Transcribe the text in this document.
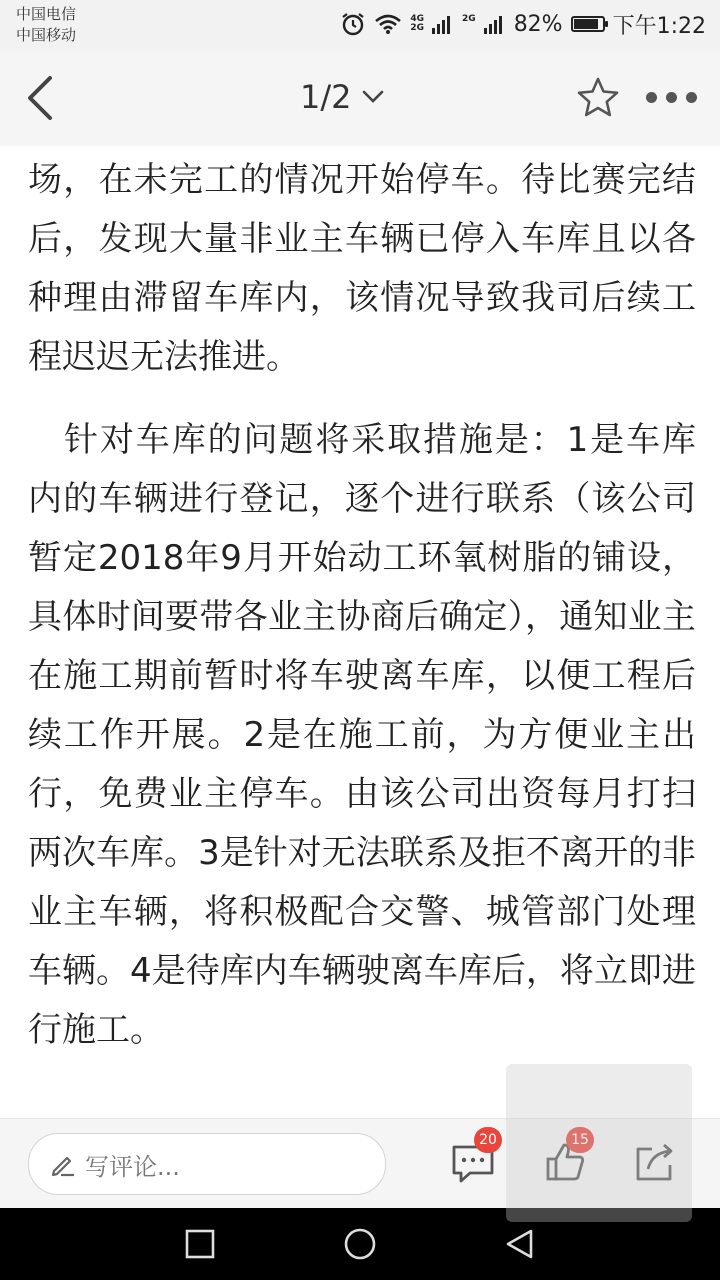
中国电信
中国移动
4G
2G
2G
82% 下午1:22
1/2

场，在未完工的情况开始停车。待比赛完结后，发现大量非业主车辆已停入车库且以各种理由滞留车库内，该情况导致我司后续工程迟迟无法推进。

针对车库的问题将采取措施是：1是车库内的车辆进行登记，逐个进行联系（该公司暂定2018年9月开始动工环氧树脂的铺设，具体时间要带各业主协商后确定），通知业主在施工期前暂时将车驶离车库，以便工程后续工作开展。2是在施工前，为方便业主出行，免费业主停车。由该公司出资每月打扫两次车库。3是针对无法联系及拒不离开的非业主车辆，将积极配合交警、城管部门处理车辆。4是待库内车辆驶离车库后，将立即进行施工。

写评论...
20	15
